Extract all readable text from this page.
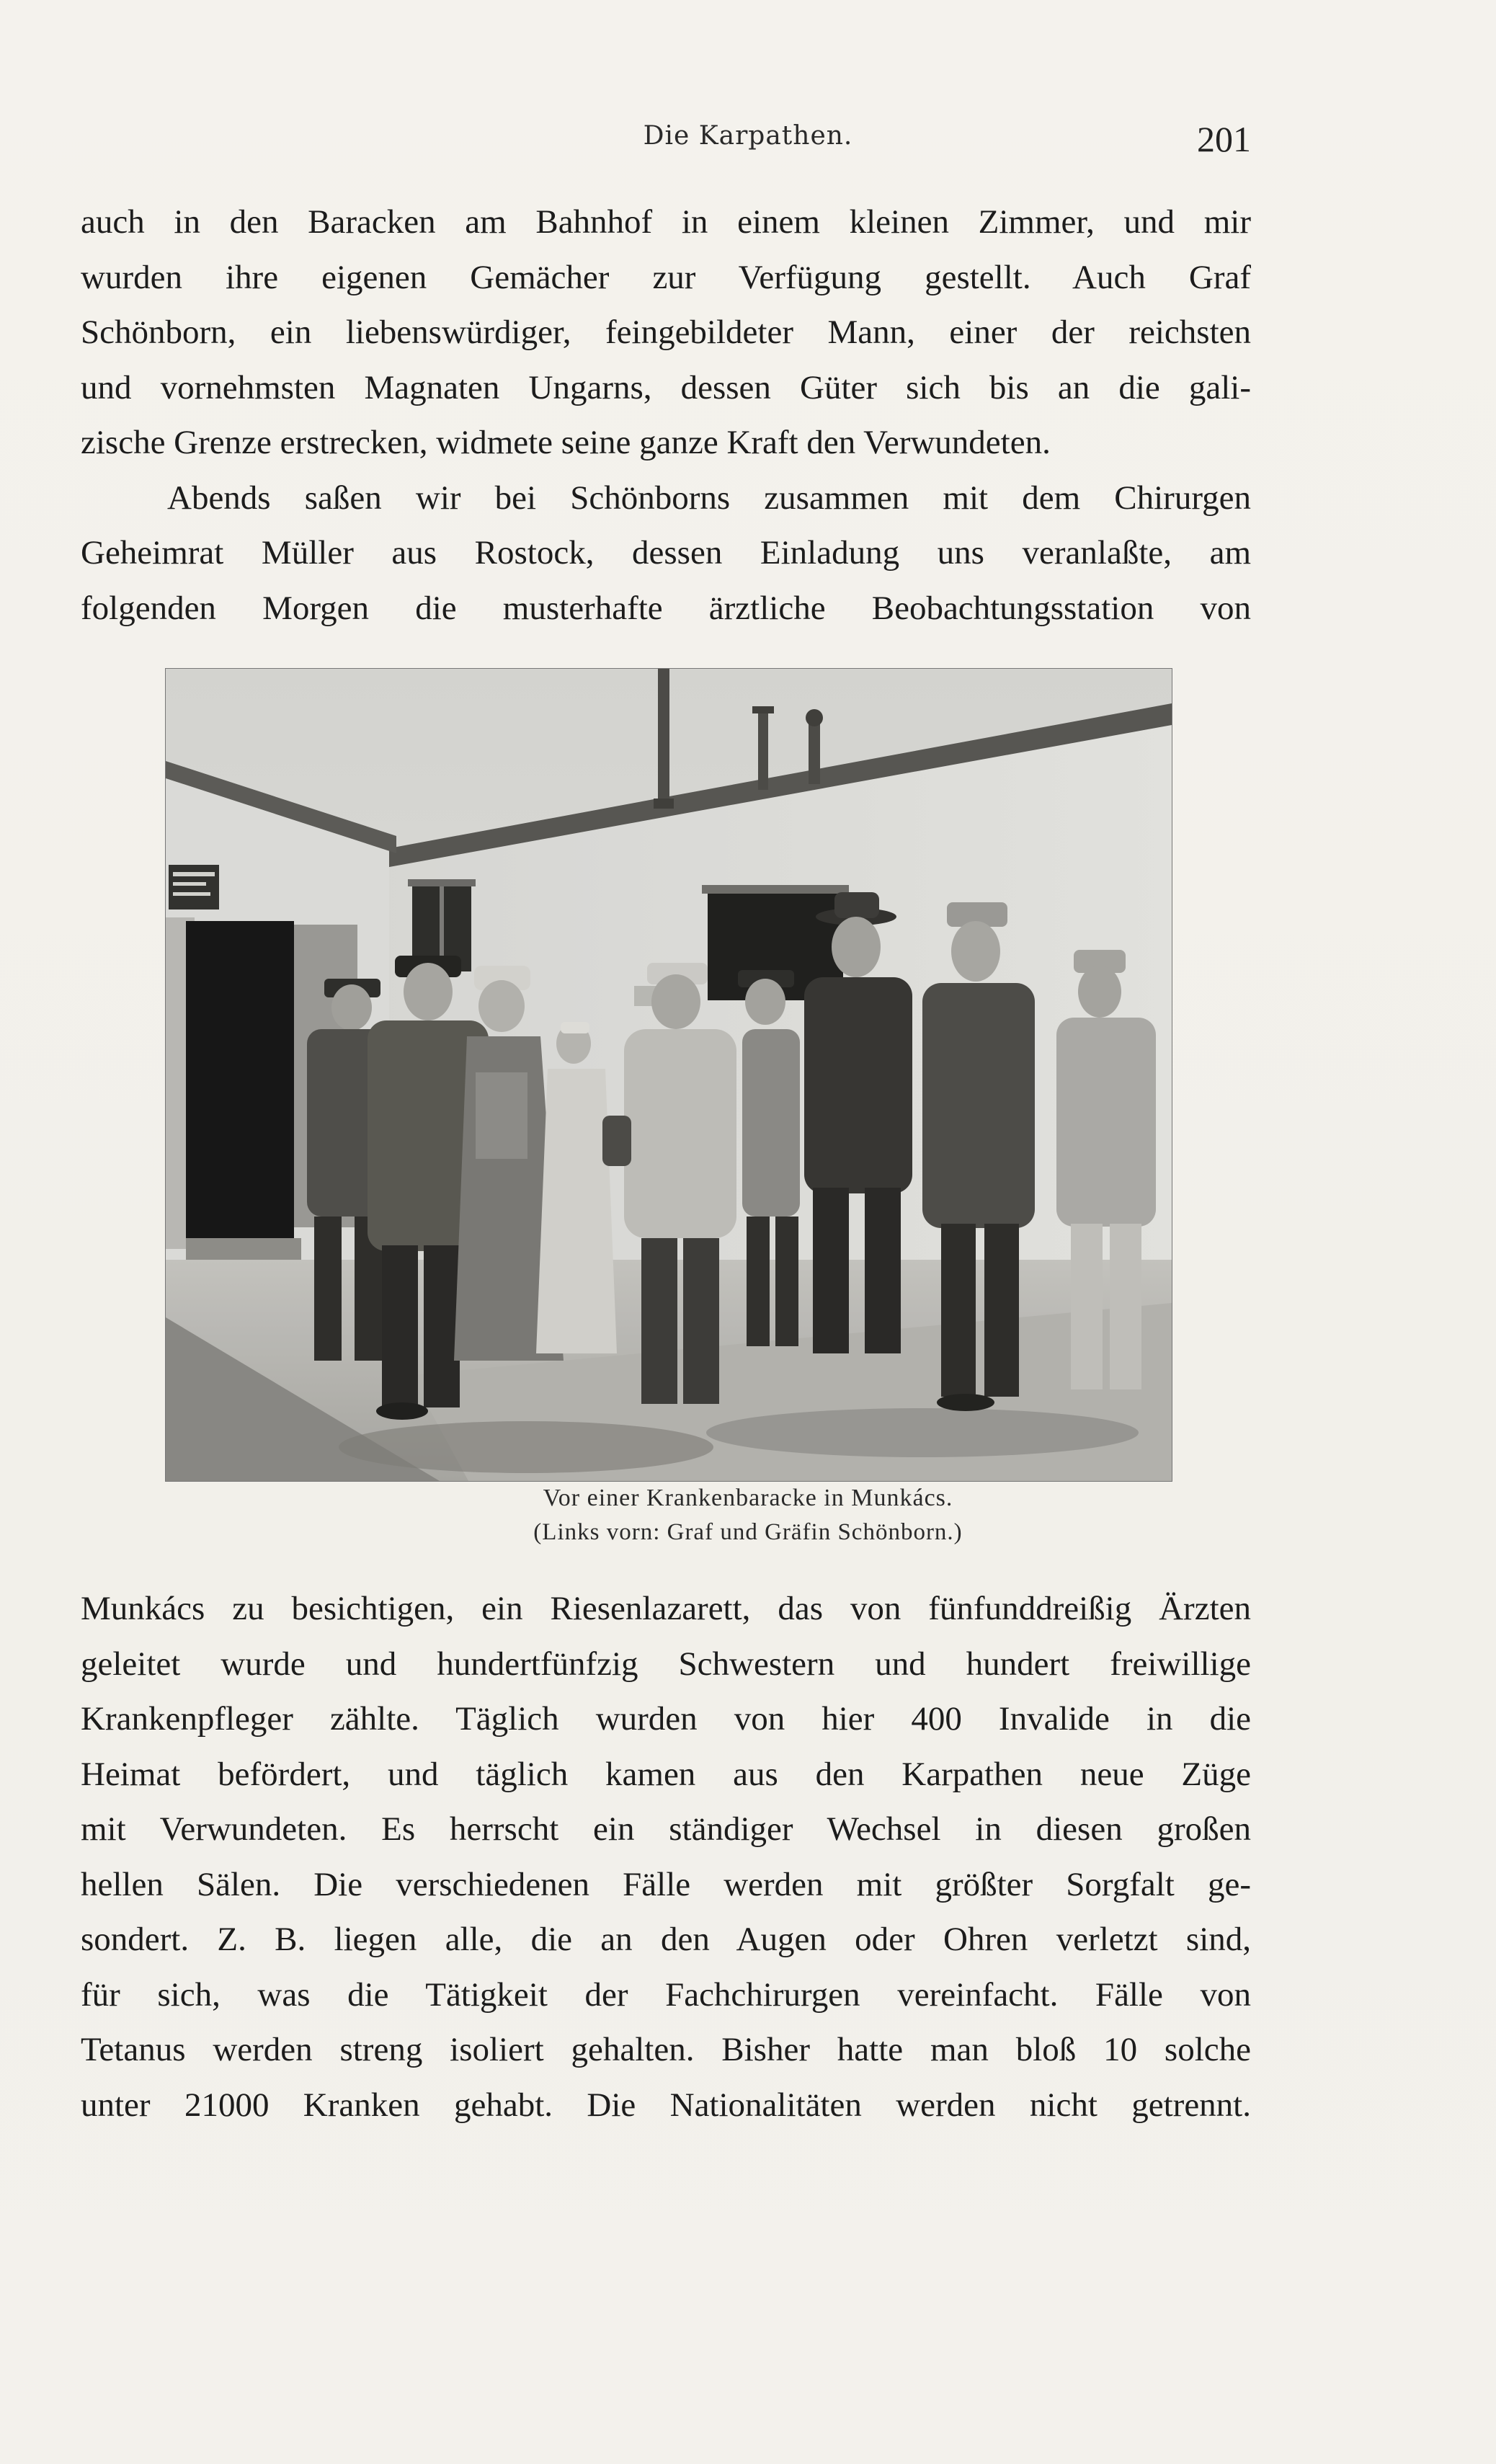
Die Karpathen.	201
auch in den Baracken am Bahnhof in einem kleinen Zimmer, und mir
wurden ihre eigenen Gemächer zur Verfügung gestellt. Auch Graf
Schönborn, ein liebenswürdiger, feingebildeter Mann, einer der reichsten
und vornehmsten Magnaten Ungarns, dessen Güter sich bis an die gali-
zische Grenze erstrecken, widmete seine ganze Kraft den Verwundeten.
Abends saßen wir bei Schönborns zusammen mit dem Chirurgen
Geheimrat Müller aus Rostock, dessen Einladung uns veranlaßte, am
folgenden Morgen die musterhafte ärztliche Beobachtungsstation von
Vor einer Krankenbaracke in Munkács.
(Links vorn: Graf und Gräfin Schönborn.)
Munkács zu besichtigen, ein Riesenlazarett, das von fünfunddreißig Ärzten
geleitet wurde und hundertfünfzig Schwestern und hundert freiwillige
Krankenpfleger zählte. Täglich wurden von hier 400 Invalide in die
Heimat befördert, und täglich kamen aus den Karpathen neue Züge
mit Verwundeten. Es herrscht ein ständiger Wechsel in diesen großen
hellen Sälen. Die verschiedenen Fälle werden mit größter Sorgfalt ge-
sondert. Z. B. liegen alle, die an den Augen oder Ohren verletzt sind,
für sich, was die Tätigkeit der Fachchirurgen vereinfacht. Fälle von
Tetanus werden streng isoliert gehalten. Bisher hatte man bloß 10 solche
unter 21000 Kranken gehabt. Die Nationalitäten werden nicht getrennt.
